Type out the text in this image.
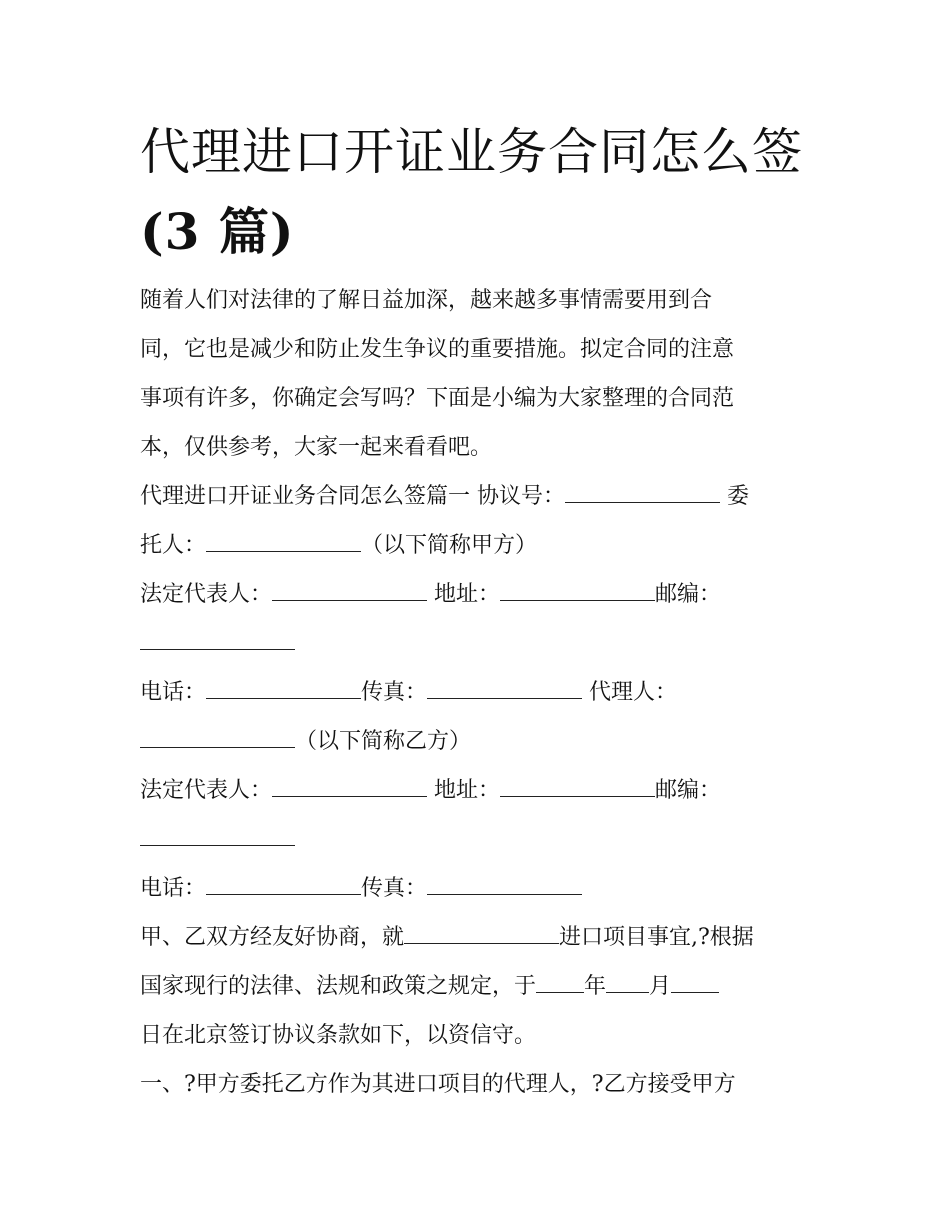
代理进口开证业务合同怎么签
(3 篇)
随着人们对法律的了解日益加深，越来越多事情需要用到合
同，它也是减少和防止发生争议的重要措施。拟定合同的注意
事项有许多，你确定会写吗？下面是小编为大家整理的合同范
本，仅供参考，大家一起来看看吧。
代理进口开证业务合同怎么签篇一 协议号：	委
托人：	（以下简称甲方）
法定代表人：	地址：	邮编：
电话：	传真：	代理人：
（以下简称乙方）
法定代表人：	地址：	邮编：
电话：	传真：
甲、乙双方经友好协商，就	进口项目事宜,?根据
国家现行的法律、法规和政策之规定，于 年 月
日在北京签订协议条款如下，以资信守。
一、?甲方委托乙方作为其进口项目的代理人，?乙方接受甲方
